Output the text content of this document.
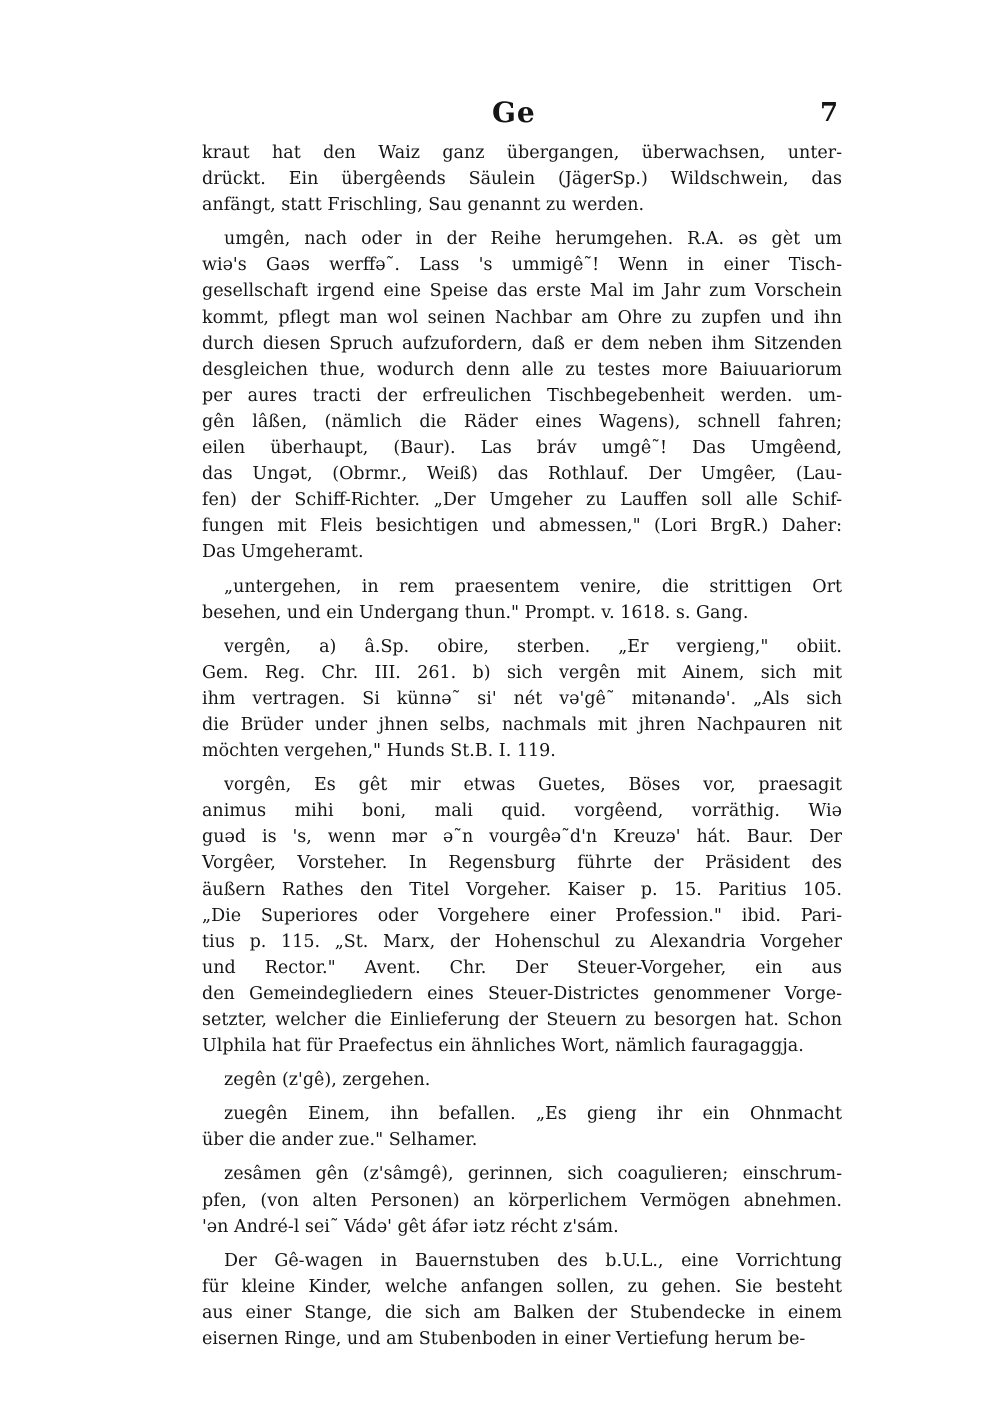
Ge	7
kraut hat den Waiz ganz übergangen, überwachsen, unter-
drückt. Ein übergêends Säulein (JägerSp.) Wildschwein, das
anfängt, statt Frischling, Sau genannt zu werden.
umgên, nach oder in der Reihe herumgehen. R.A. əs gèt um
wiə's Gaəs werffə˜. Lass 's ummigê˜! Wenn in einer Tisch-
gesellschaft irgend eine Speise das erste Mal im Jahr zum Vorschein
kommt, pflegt man wol seinen Nachbar am Ohre zu zupfen und ihn
durch diesen Spruch aufzufordern, daß er dem neben ihm Sitzenden
desgleichen thue, wodurch denn alle zu testes more Baiuuariorum
per aures tracti der erfreulichen Tischbegebenheit werden. um-
gên lâßen, (nämlich die Räder eines Wagens), schnell fahren;
eilen überhaupt, (Baur). Las bráv umgê˜! Das Umgêend,
das Ungət, (Obrmr., Weiß) das Rothlauf. Der Umgêer, (Lau-
fen) der Schiff-Richter. „Der Umgeher zu Lauffen soll alle Schif-
fungen mit Fleis besichtigen und abmessen," (Lori BrgR.) Daher:
Das Umgeheramt.
„untergehen, in rem praesentem venire, die strittigen Ort
besehen, und ein Undergang thun." Prompt. v. 1618. s. Gang.
vergên, a) â.Sp. obire, sterben. „Er vergieng," obiit.
Gem. Reg. Chr. III. 261. b) sich vergên mit Ainem, sich mit
ihm vertragen. Si künnə˜ si' nét və'gê˜ mitənandə'. „Als sich
die Brüder under jhnen selbs, nachmals mit jhren Nachpauren nit
möchten vergehen," Hunds St.B. I. 119.
vorgên, Es gêt mir etwas Guetes, Böses vor, praesagit
animus mihi boni, mali quid. vorgêend, vorräthig. Wiə
guəd is 's, wenn mər ə˜n vourgêə˜d'n Kreuzə' hát. Baur. Der
Vorgêer, Vorsteher. In Regensburg führte der Präsident des
äußern Rathes den Titel Vorgeher. Kaiser p. 15. Paritius 105.
„Die Superiores oder Vorgehere einer Profession." ibid. Pari-
tius p. 115. „St. Marx, der Hohenschul zu Alexandria Vorgeher
und Rector." Avent. Chr. Der Steuer-Vorgeher, ein aus
den Gemeindegliedern eines Steuer-Districtes genommener Vorge-
setzter, welcher die Einlieferung der Steuern zu besorgen hat. Schon
Ulphila hat für Praefectus ein ähnliches Wort, nämlich fauragaggja.
zegên (z'gê), zergehen.
zuegên Einem, ihn befallen. „Es gieng ihr ein Ohnmacht
über die ander zue." Selhamer.
zesâmen gên (z'sâmgê), gerinnen, sich coagulieren; einschrum-
pfen, (von alten Personen) an körperlichem Vermögen abnehmen.
'ən André-l sei˜ Vádə' gêt áfər iətz récht z'sám.
Der Gê-wagen in Bauernstuben des b.U.L., eine Vorrichtung
für kleine Kinder, welche anfangen sollen, zu gehen. Sie besteht
aus einer Stange, die sich am Balken der Stubendecke in einem
eisernen Ringe, und am Stubenboden in einer Vertiefung herum be-
